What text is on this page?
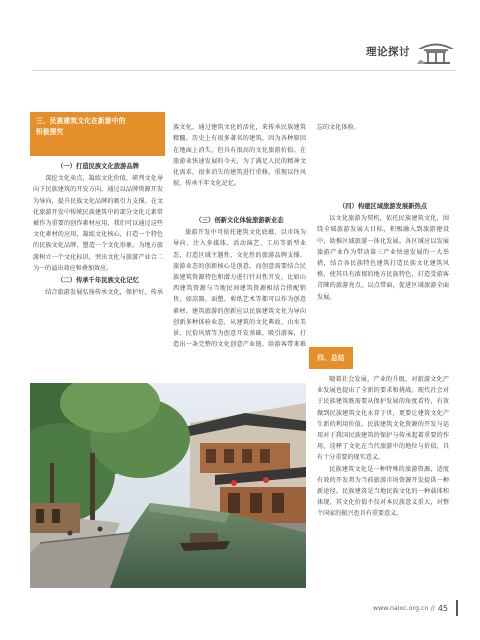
理论探讨
三、民族建筑文化在新游中的
积极探究

（一）打造民族文化旅游品牌

深挖文化卖点，凝练文化价值，研判文化导向下民族建筑的开发方向。通过以品牌资源开发为导向，提升民族文化品牌的吸引力支撑。在文化旅游开发中传统民族建筑中的部分文化元素常被作为重要的创作素材应用，我们可以通过这些文化素材的应用，凝练文化核心，打造一个特色的民族文化品牌，塑造一个文化形象。为地方旅游树立一个文化标识，突出文化与旅游产业合二为一的溢出效应和叠加效应。

（二）传承千年民族文化记忆

结合旅游发展弘扬传承文化，保护好、传承

族文化，通过建筑文化的活化，来传承民族建筑精髓。历史上有很多著名的建筑，因为各种原因在地面上消失，但具有很高的文化旅游价值。在旅游业快速发展的今天，为了满足人民的精神文化需求，很多消失的建筑进行重修，重现以往风貌，传承千年文化记忆。

（三）创新文化体验旅游新业态

旅游开发中可依托建筑文化底蕴，以市场为导向，注入多媒体、活动演艺、工坊等新型业态，打造区域主题性、文化性的旅游品牌支撑。旅游业态的创新核心是创意，而创意需要结合民族建筑资源特色和潜力进行针对性开发，比如山西建筑资源与当地民间建筑资源相结合搭配销售，如凉器、面塑、剪纸艺术等都可以作为创意素材。建筑旅游的创新应以民族建筑文化为导向创新多种体验业态，从建筑的文化典故、山水美景、民俗风情等为创意开发基础，吸引游客，打造出一条完整的文化创意产业链，给游客带来难

忘的文化体验。

（四）构建区域旅游发展新热点

以文化旅游为契机，依托民族建筑文化，围绕全域旅游发展大目标，积极融入到旅游建设中，助推区域旅游一体化发展。各区域应以发展旅游产业作为带动第三产业快速发展的一大举措，结合各民族特色建筑打造民族文化建筑风格，使其具有浓郁的地方民族特色，打造受游客青睐的旅游亮点，以点带面，促进区域旅游全面发展。

四、总结

随着社会发展，产业的升级，对旅游文化产业发展也提出了全新的要求和挑战。现代社会对于民族建筑既需要从保护发展的角度看待，有效做到民族建筑文化永存于世，更要让建筑文化产生新的利用价值。民族建筑文化资源的开发与运用对于我国民族建筑的保护与传承起着重要的作用，诠释了文化在当代旅游中的地位与价值，具有十分重要的现实意义。

民族建筑文化是一种特殊的旅游资源，适度有效的开发将为当前旅游市场资源开发提供一种新途径。民族建筑是当地民族文化的一种载体和体现，其文化价值不仅对本民族意义重大，对整个国家的振兴也具有重要意义。

www.naioc.org.cn // 45
